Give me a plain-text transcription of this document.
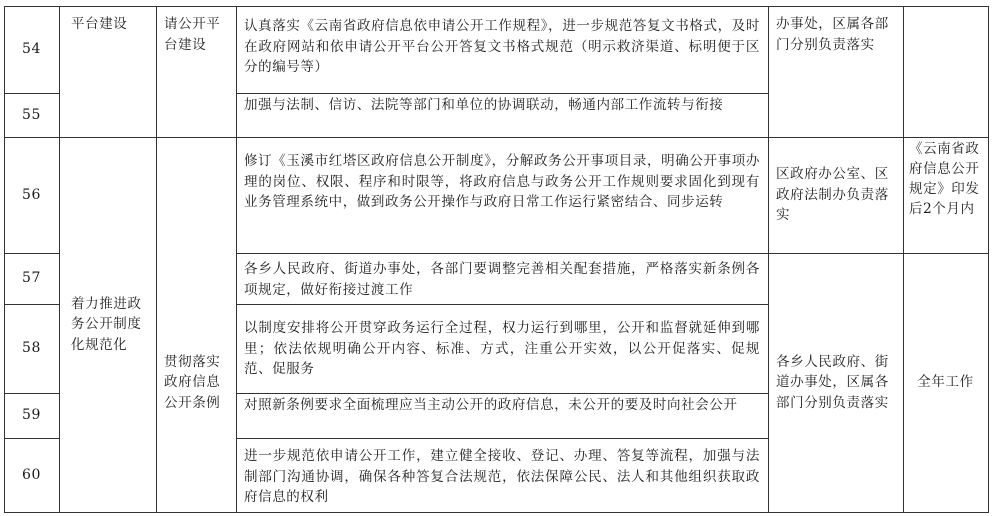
54
55
56
57
58
59
60
平台建设
着力推进政务公开制度化规范化
请公开平台建设
贯彻落实政府信息公开条例
认真落实《云南省政府信息依申请公开工作规程》，进一步规范答复文书格式，及时在政府网站和依申请公开平台公开答复文书格式规范（明示救济渠道、标明便于区分的编号等）
加强与法制、信访、法院等部门和单位的协调联动，畅通内部工作流转与衔接
修订《玉溪市红塔区政府信息公开制度》，分解政务公开事项目录，明确公开事项办理的岗位、权限、程序和时限等，将政府信息与政务公开工作规则要求固化到现有业务管理系统中，做到政务公开操作与政府日常工作运行紧密结合、同步运转
各乡人民政府、街道办事处，各部门要调整完善相关配套措施，严格落实新条例各项规定，做好衔接过渡工作
以制度安排将公开贯穿政务运行全过程，权力运行到哪里，公开和监督就延伸到哪里；依法依规明确公开内容、标准、方式，注重公开实效，以公开促落实、促规范、促服务
对照新条例要求全面梳理应当主动公开的政府信息，未公开的要及时向社会公开
进一步规范依申请公开工作，建立健全接收、登记、办理、答复等流程，加强与法制部门沟通协调，确保各种答复合法规范，依法保障公民、法人和其他组织获取政府信息的权利
办事处，区属各部门分别负责落实
区政府办公室、区政府法制办负责落实
各乡人民政府、街道办事处，区属各部门分别负责落实
《云南省政府信息公开规定》印发后2个月内
全年工作
